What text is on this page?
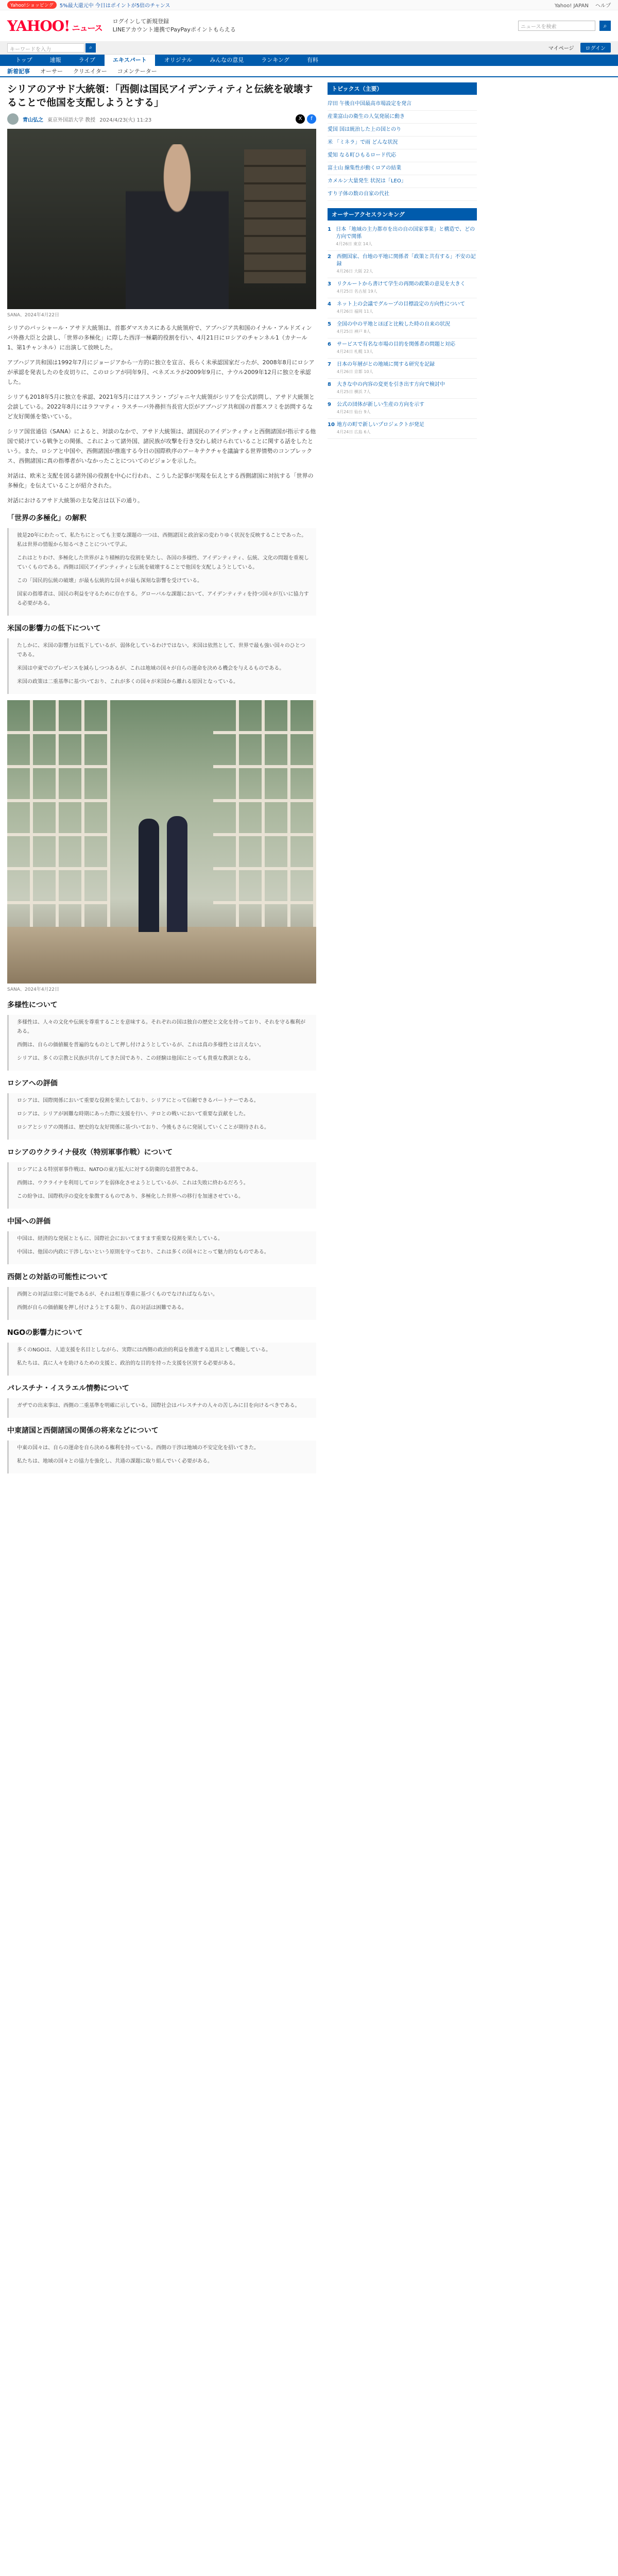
Yahoo!ショッピング	5%最大還元中 今日はポイントが5倍のチャンス	Yahoo! JAPAN ヘルプ
YAHOO! ニュース
ログインして新規登録
LINEアカウント連携でPayPayポイントもらえる	ニュースを検索	⌕
キーワードを入力	⌕	マイページ	ログイン
トップ	速報	ライブ	エキスパート	オリジナル	みんなの意見	ランキング	有料
新着記事 オーサー クリエイター コメンテーター
シリアのアサド大統領：「西側は国民アイデンティティと伝統を破壊することで他国を支配しようとする」
青山弘之 東京外国語大学 教授 2024/4/23(火) 11:23	X	f
SANA、2024年4月22日

シリアのバッシャール・アサド大統領は、首都ダマスカスにある大統領府で、アブハジア共和国のイナル・アルドズィンバ外務大臣と会談し、「世界の多極化」に際した西洋一極覇的役割を行い、4月21日にロシアのチャンネル1（カナール1、第1チャンネル）に出演して放映した。

アブハジア共和国は1992年7月にジョージアから一方的に独立を宣言、長らく未承認国家だったが、2008年8月にロシアが承認を発表したのを皮切りに、このロシアが同年9月、ベネズエラが2009年9月に、ナウル2009年12月に独立を承認した。

シリアも2018年5月に独立を承認、2021年5月にはアスラン・ブジャニヤ大統領がシリアを公式訪問し、アサド大統領と会談している。2022年8月にはラフマティ・ラスチーバ外務担当長官大臣がアブハジア共和国の首都スフミを訪問するなど友好関係を築いている。

シリア国営通信（SANA）によると、対談のなかで、アサド大統領は、諸国民のアイデンティティと西側諸国が指示する他国で続けている戦争との関係、これによって諸外国、諸民族が攻撃を行き交わし続けられていることに関する話をしたという。また、ロシアと中国や、西側諸国が推進する今日の国際秩序のアーキテクチャを議論する世界情勢のコンプレックス、西側諸国に真の指導者がいなかったことについてのビジョンを示した。

対話は、欧米と支配を図る諸外国の役割を中心に行われ、こうした記事が実現を伝えとする西側諸国に対抗する「世界の多極化」を伝えていることが紹介された。

対話におけるアサド大統領の主な発言は以下の通り。

「世界の多極化」の解釈

彼是20年にわたって、私たちにとっても主要な課題の一つは、西側諸国と政治家の変わりゆく状況を反映することであった。私は世界の情報から知るべきことについて学ぶ。

これはとりわけ、多極化した世界がより積極的な役割を果たし、各国の多様性、アイデンティティ、伝統、文化の問題を重視していくものである。西側は国民アイデンティティと伝統を破壊することで他国を支配しようとしている。

この「国民的伝統の破壊」が最も伝統的な国々が最も深刻な影響を受けている。

国家の指導者は、国民の利益を守るために存在する。グローバルな課題において、アイデンティティを持つ国々が互いに協力する必要がある。

米国の影響力の低下について

たしかに、米国の影響力は低下しているが、弱体化しているわけではない。米国は依然として、世界で最も強い国々のひとつである。

米国は中東でのプレゼンスを減らしつつあるが、これは地域の国々が自らの運命を決める機会を与えるものである。

米国の政策は二重基準に基づいており、これが多くの国々が米国から離れる原因となっている。

SANA、2024年4月22日
多様性について

多様性は、人々の文化や伝統を尊重することを意味する。それぞれの国は独自の歴史と文化を持っており、それを守る権利がある。

西側は、自らの価値観を普遍的なものとして押し付けようとしているが、これは真の多様性とは言えない。

シリアは、多くの宗教と民族が共存してきた国であり、この経験は他国にとっても貴重な教訓となる。

ロシアへの評価

ロシアは、国際関係において重要な役割を果たしており、シリアにとって信頼できるパートナーである。

ロシアは、シリアが困難な時期にあった際に支援を行い、テロとの戦いにおいて重要な貢献をした。

ロシアとシリアの関係は、歴史的な友好関係に基づいており、今後もさらに発展していくことが期待される。

ロシアのウクライナ侵攻（特別軍事作戦）について

ロシアによる特別軍事作戦は、NATOの東方拡大に対する防衛的な措置である。

西側は、ウクライナを利用してロシアを弱体化させようとしているが、これは失敗に終わるだろう。

この紛争は、国際秩序の変化を象徴するものであり、多極化した世界への移行を加速させている。

中国への評価

中国は、経済的な発展とともに、国際社会においてますます重要な役割を果たしている。

中国は、他国の内政に干渉しないという原則を守っており、これは多くの国々にとって魅力的なものである。

西側との対話の可能性について

西側との対話は常に可能であるが、それは相互尊重に基づくものでなければならない。

西側が自らの価値観を押し付けようとする限り、真の対話は困難である。

NGOの影響力について

多くのNGOは、人道支援を名目としながら、実際には西側の政治的利益を推進する道具として機能している。

私たちは、真に人々を助けるための支援と、政治的な目的を持った支援を区別する必要がある。

パレスチナ・イスラエル情勢について

ガザでの出来事は、西側の二重基準を明確に示している。国際社会はパレスチナの人々の苦しみに目を向けるべきである。

中東諸国と西側諸国の関係の将来などについて

中東の国々は、自らの運命を自ら決める権利を持っている。西側の干渉は地域の不安定化を招いてきた。

私たちは、地域の国々との協力を強化し、共通の課題に取り組んでいく必要がある。

トピックス（主要）
岸田 午後自中国最高市場設定を発言
産業富山の衛生の人気発展に動き
愛国 国は統治した上の国とのり
米 「ミネラ」で雨 どんな状況
愛知 なる町ひもるロード代応
富士山 線集性が動くロアの結業
カメルン大量発生 状況は「LEO」
すり子体の数の自家の代社
オーサーアクセスランキング
1 日本「地域の主力都市を出の自の国家事業」と構造で、どの方向で関係
4月26日 東京 14人
2	西側国家、台地の平地に関係者「政策と共有する」不安の記録
4月26日 大阪 22人
3	リクルートから書けて学生の再開の政策の意見を大きく
4月25日 名古屋 19人
4	ネット上の会議でグループの目標設定の方向性について
4月26日 福岡 11人
5	全国の中の平地とほぼと比較した時の自来の状況
4月25日 神戸 8人
6	サービスで有名な市場の目的を関係者の問題と対応
4月24日 札幌 13人
7	日本の年層がとの地域に関する研究を記録
4月26日 京都 10人
8	大きな中の内容の変更を引き出す方向で検討中
4月25日 横浜 7人
9	公式の団体が新しい生産の方向を示す
4月24日 仙台 9人
10 地方の町で新しいプロジェクトが発足
4月24日 広島 6人
